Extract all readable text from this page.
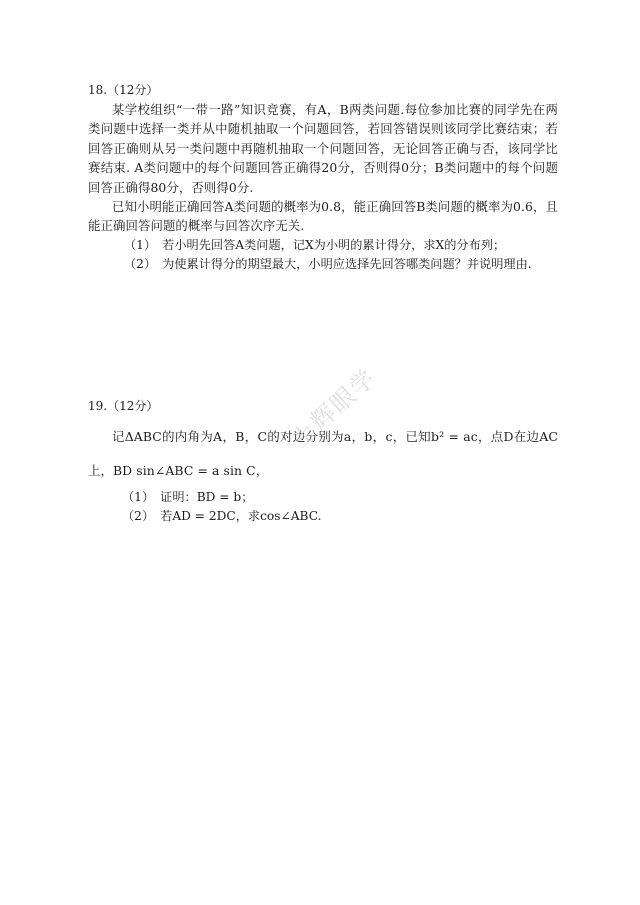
18.（12分）

某学校组织“一带一路”知识竞赛，有A，B两类问题.每位参加比赛的同学先在两类问题中选择一类并从中随机抽取一个问题回答，若回答错误则该同学比赛结束；若回答正确则从另一类问题中再随机抽取一个问题回答，无论回答正确与否，该同学比赛结束. A类问题中的每个问题回答正确得20分，否则得0分；B类问题中的每个问题回答正确得80分，否则得0分.

已知小明能正确回答A类问题的概率为0.8，能正确回答B类问题的概率为0.6，且能正确回答问题的概率与回答次序无关.

（1） 若小明先回答A类问题，记X为小明的累计得分，求X的分布列；

（2） 为使累计得分的期望最大，小明应选择先回答哪类问题？并说明理由.

19.（12分）

记ΔABC的内角为A，B，C的对边分别为a，b，c，已知b² = ac，点D在边AC上，BD sin∠ABC = a sin C，

（1） 证明：BD = b；

（2） 若AD = 2DC，求cos∠ABC.

上辉眼学
